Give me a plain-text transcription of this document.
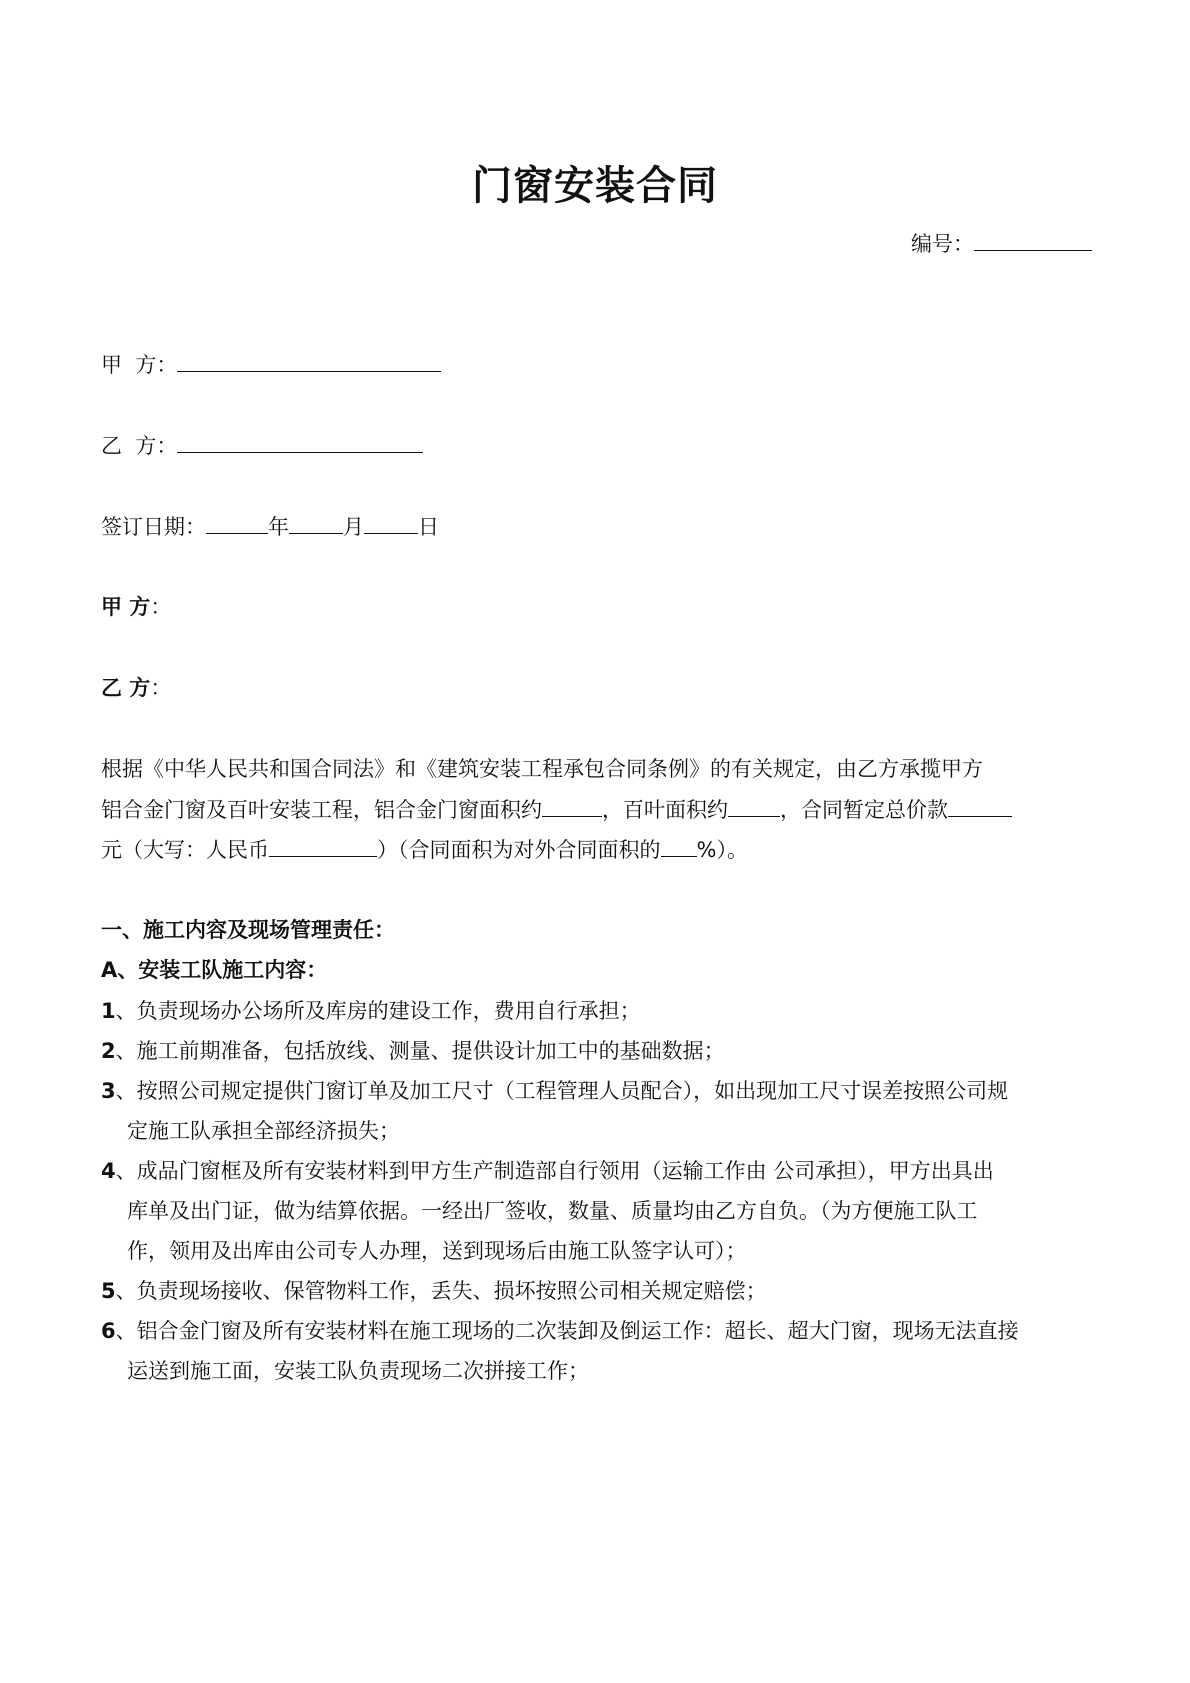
门窗安装合同
编号：
甲  方：
乙  方：
签订日期：	年	月	日
甲 方：
乙 方：
根据《中华人民共和国合同法》和《建筑安装工程承包合同条例》的有关规定，由乙方承揽甲方
铝合金门窗及百叶安装工程，铝合金门窗面积约	，百叶面积约 ，合同暂定总价款
元（大写：人民币	）（合同面积为对外合同面积的 %）。
一、施工内容及现场管理责任：
A、安装工队施工内容：
1、负责现场办公场所及库房的建设工作，费用自行承担；
2、施工前期准备，包括放线、测量、提供设计加工中的基础数据；
3、按照公司规定提供门窗订单及加工尺寸（工程管理人员配合），如出现加工尺寸误差按照公司规
定施工队承担全部经济损失；
4、成品门窗框及所有安装材料到甲方生产制造部自行领用（运输工作由 公司承担），甲方出具出
库单及出门证，做为结算依据。一经出厂签收，数量、质量均由乙方自负。（为方便施工队工
作，领用及出库由公司专人办理，送到现场后由施工队签字认可）；
5、负责现场接收、保管物料工作，丢失、损坏按照公司相关规定赔偿；
6、铝合金门窗及所有安装材料在施工现场的二次装卸及倒运工作：超长、超大门窗，现场无法直接
运送到施工面，安装工队负责现场二次拼接工作；
